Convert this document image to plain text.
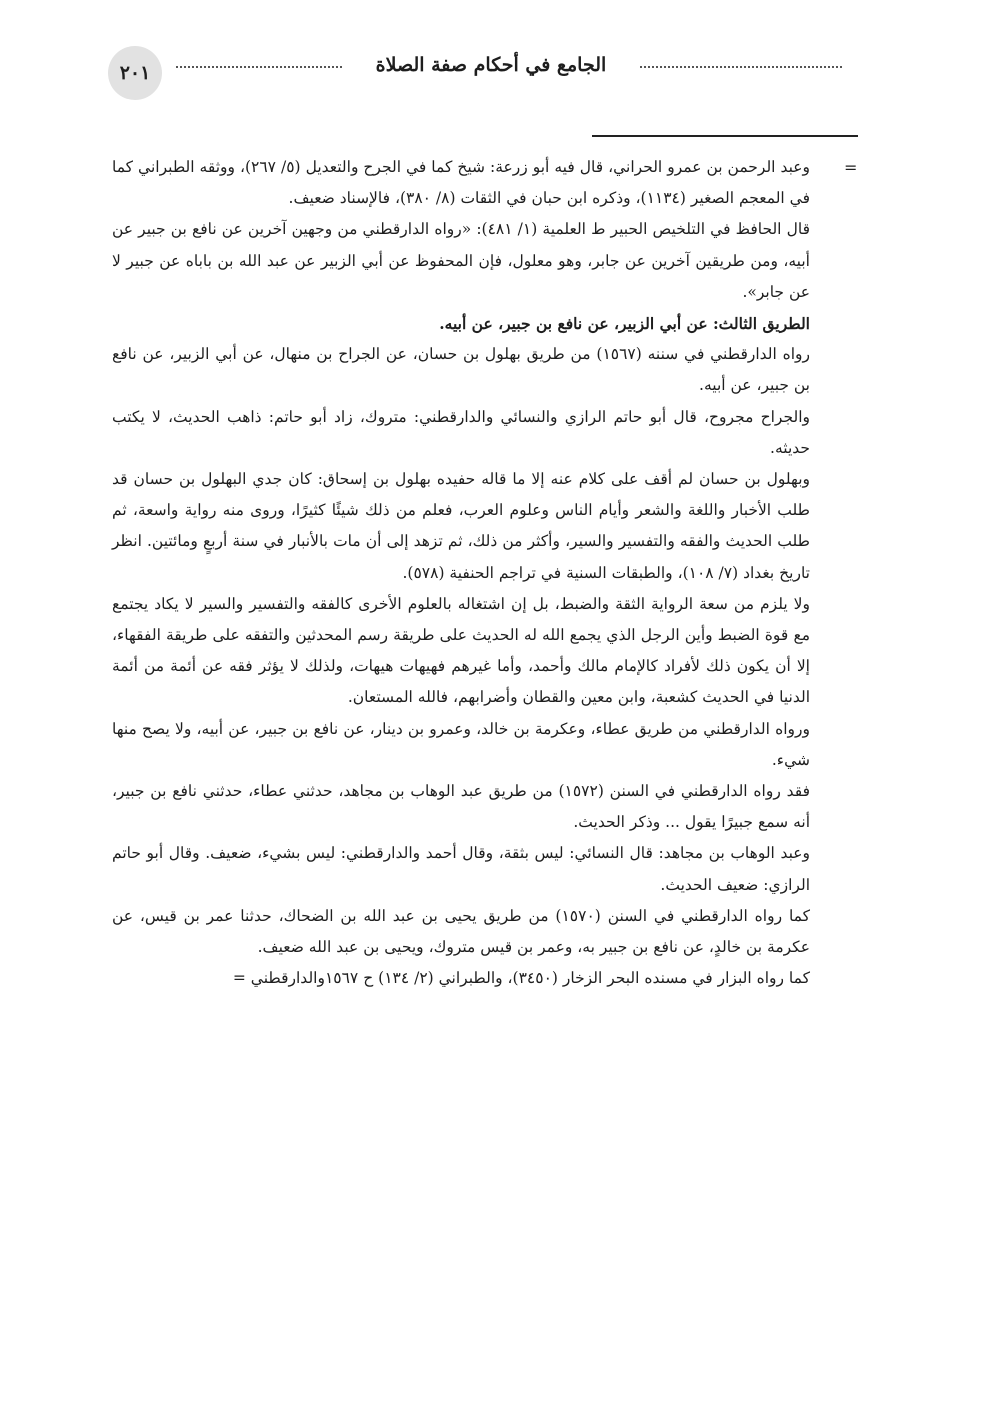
٢٠١	الجامع في أحكام صفة الصلاة
=

وعبد الرحمن بن عمرو الحراني، قال فيه أبو زرعة: شيخ كما في الجرح والتعديل (٥/ ٢٦٧)، ووثقه الطبراني كما في المعجم الصغير (١١٣٤)، وذكره ابن حبان في الثقات (٨/ ٣٨٠)، فالإسناد ضعيف.

قال الحافظ في التلخيص الحبير ط العلمية (١/ ٤٨١): «رواه الدارقطني من وجهين آخرين عن نافع بن جبير عن أبيه، ومن طريقين آخرين عن جابر، وهو معلول، فإن المحفوظ عن أبي الزبير عن عبد الله بن باباه عن جبير لا عن جابر».

الطريق الثالث: عن أبي الزبير، عن نافع بن جبير، عن أبيه.

رواه الدارقطني في سننه (١٥٦٧) من طريق بهلول بن حسان، عن الجراح بن منهال، عن أبي الزبير، عن نافع بن جبير، عن أبيه.

والجراح مجروح، قال أبو حاتم الرازي والنسائي والدارقطني: متروك، زاد أبو حاتم: ذاهب الحديث، لا يكتب حديثه.

وبهلول بن حسان لم أقف على كلام عنه إلا ما قاله حفيده بهلول بن إسحاق: كان جدي البهلول بن حسان قد طلب الأخبار واللغة والشعر وأيام الناس وعلوم العرب، فعلم من ذلك شيئًا كثيرًا، وروى منه رواية واسعة، ثم طلب الحديث والفقه والتفسير والسير، وأكثر من ذلك، ثم تزهد إلى أن مات بالأنبار في سنة أربعٍ ومائتين. انظر تاريخ بغداد (٧/ ١٠٨)، والطبقات السنية في تراجم الحنفية (٥٧٨).

ولا يلزم من سعة الرواية الثقة والضبط، بل إن اشتغاله بالعلوم الأخرى كالفقه والتفسير والسير لا يكاد يجتمع مع قوة الضبط وأين الرجل الذي يجمع الله له الحديث على طريقة رسم المحدثين والتفقه على طريقة الفقهاء، إلا أن يكون ذلك لأفراد كالإمام مالك وأحمد، وأما غيرهم فهيهات هيهات، ولذلك لا يؤثر فقه عن أئمة من أئمة الدنيا في الحديث كشعبة، وابن معين والقطان وأضرابهم، فالله المستعان.

ورواه الدارقطني من طريق عطاء، وعكرمة بن خالد، وعمرو بن دينار، عن نافع بن جبير، عن أبيه، ولا يصح منها شيء.

فقد رواه الدارقطني في السنن (١٥٧٢) من طريق عبد الوهاب بن مجاهد، حدثني عطاء، حدثني نافع بن جبير، أنه سمع جبيرًا يقول ... وذكر الحديث.

وعبد الوهاب بن مجاهد: قال النسائي: ليس بثقة، وقال أحمد والدارقطني: ليس بشيء، ضعيف. وقال أبو حاتم الرازي: ضعيف الحديث.

كما رواه الدارقطني في السنن (١٥٧٠) من طريق يحيى بن عبد الله بن الضحاك، حدثنا عمر بن قيس، عن عكرمة بن خالدٍ، عن نافع بن جبير به، وعمر بن قيس متروك، ويحيى بن عبد الله ضعيف.

كما رواه البزار في مسنده البحر الزخار (٣٤٥٠)، والطبراني (٢/ ١٣٤) ح ١٥٦٧والدارقطني =
